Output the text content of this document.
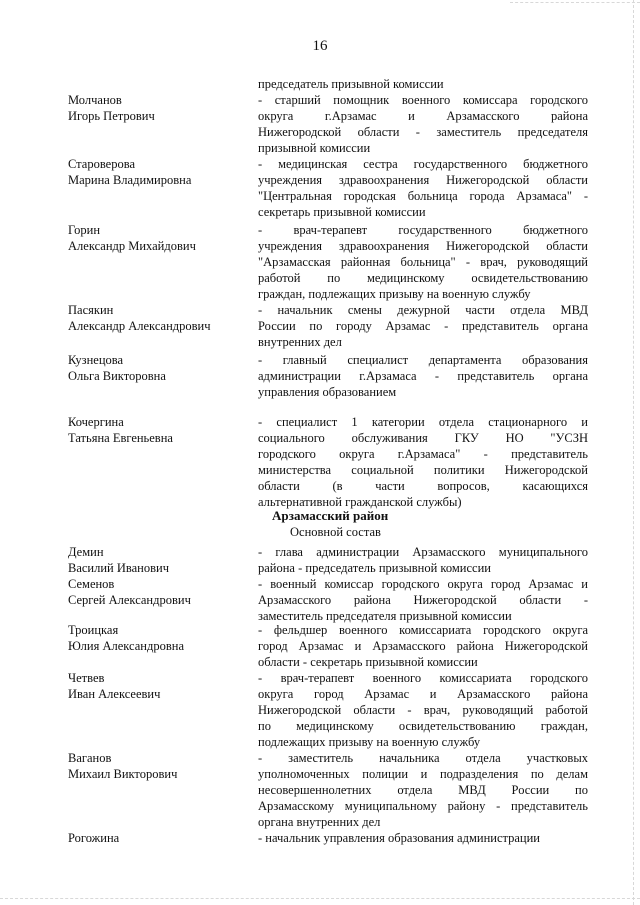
16
председатель призывной комиссии
Молчанов
Игорь Петрович
- старший помощник военного комиссара городского
округа г.Арзамас и Арзамасского района
Нижегородской области - заместитель председателя
призывной комиссии
Староверова
Марина Владимировна
- медицинская сестра государственного бюджетного
учреждения здравоохранения Нижегородской области
"Центральная городская больница города Арзамаса" -
секретарь призывной комиссии
Горин
Александр Михайдович
- врач-терапевт государственного бюджетного
учреждения здравоохранения Нижегородской области
"Арзамасская районная больница" - врач, руководящий
работой по медицинскому освидетельствованию
граждан, подлежащих призыву на военную службу
Пасякин
Александр Александрович
- начальник смены дежурной части отдела МВД
России по городу Арзамас - представитель органа
внутренних дел
Кузнецова
Ольга Викторовна
- главный специалист департамента образования
администрации г.Арзамаса - представитель органа
управления образованием
Кочергина
Татьяна Евгеньевна
- специалист 1 категории отдела стационарного и
социального обслуживания ГКУ НО "УСЗН
городского округа г.Арзамаса" - представитель
министерства социальной политики Нижегородской
области (в части вопросов, касающихся
альтернативной гражданской службы)
Арзамасский район
Основной состав
Демин
Василий Иванович
- глава администрации Арзамасского муниципального
района - председатель призывной комиссии
Семенов
Сергей Александрович
- военный комиссар городского округа город Арзамас и
Арзамасского района Нижегородской области -
заместитель председателя призывной комиссии
Троицкая
Юлия Александровна
- фельдшер военного комиссариата городского округа
город Арзамас и Арзамасского района Нижегородской
области - секретарь призывной комиссии
Четвев
Иван Алексеевич
- врач-терапевт военного комиссариата городского
округа город Арзамас и Арзамасского района
Нижегородской области - врач, руководящий работой
по медицинскому освидетельствованию граждан,
подлежащих призыву на военную службу
Ваганов
Михаил Викторович
- заместитель начальника отдела участковых
уполномоченных полиции и подразделения по делам
несовершеннолетних отдела МВД России по
Арзамасскому муниципальному району - представитель
органа внутренних дел
Рогожина	- начальник управления образования администрации
